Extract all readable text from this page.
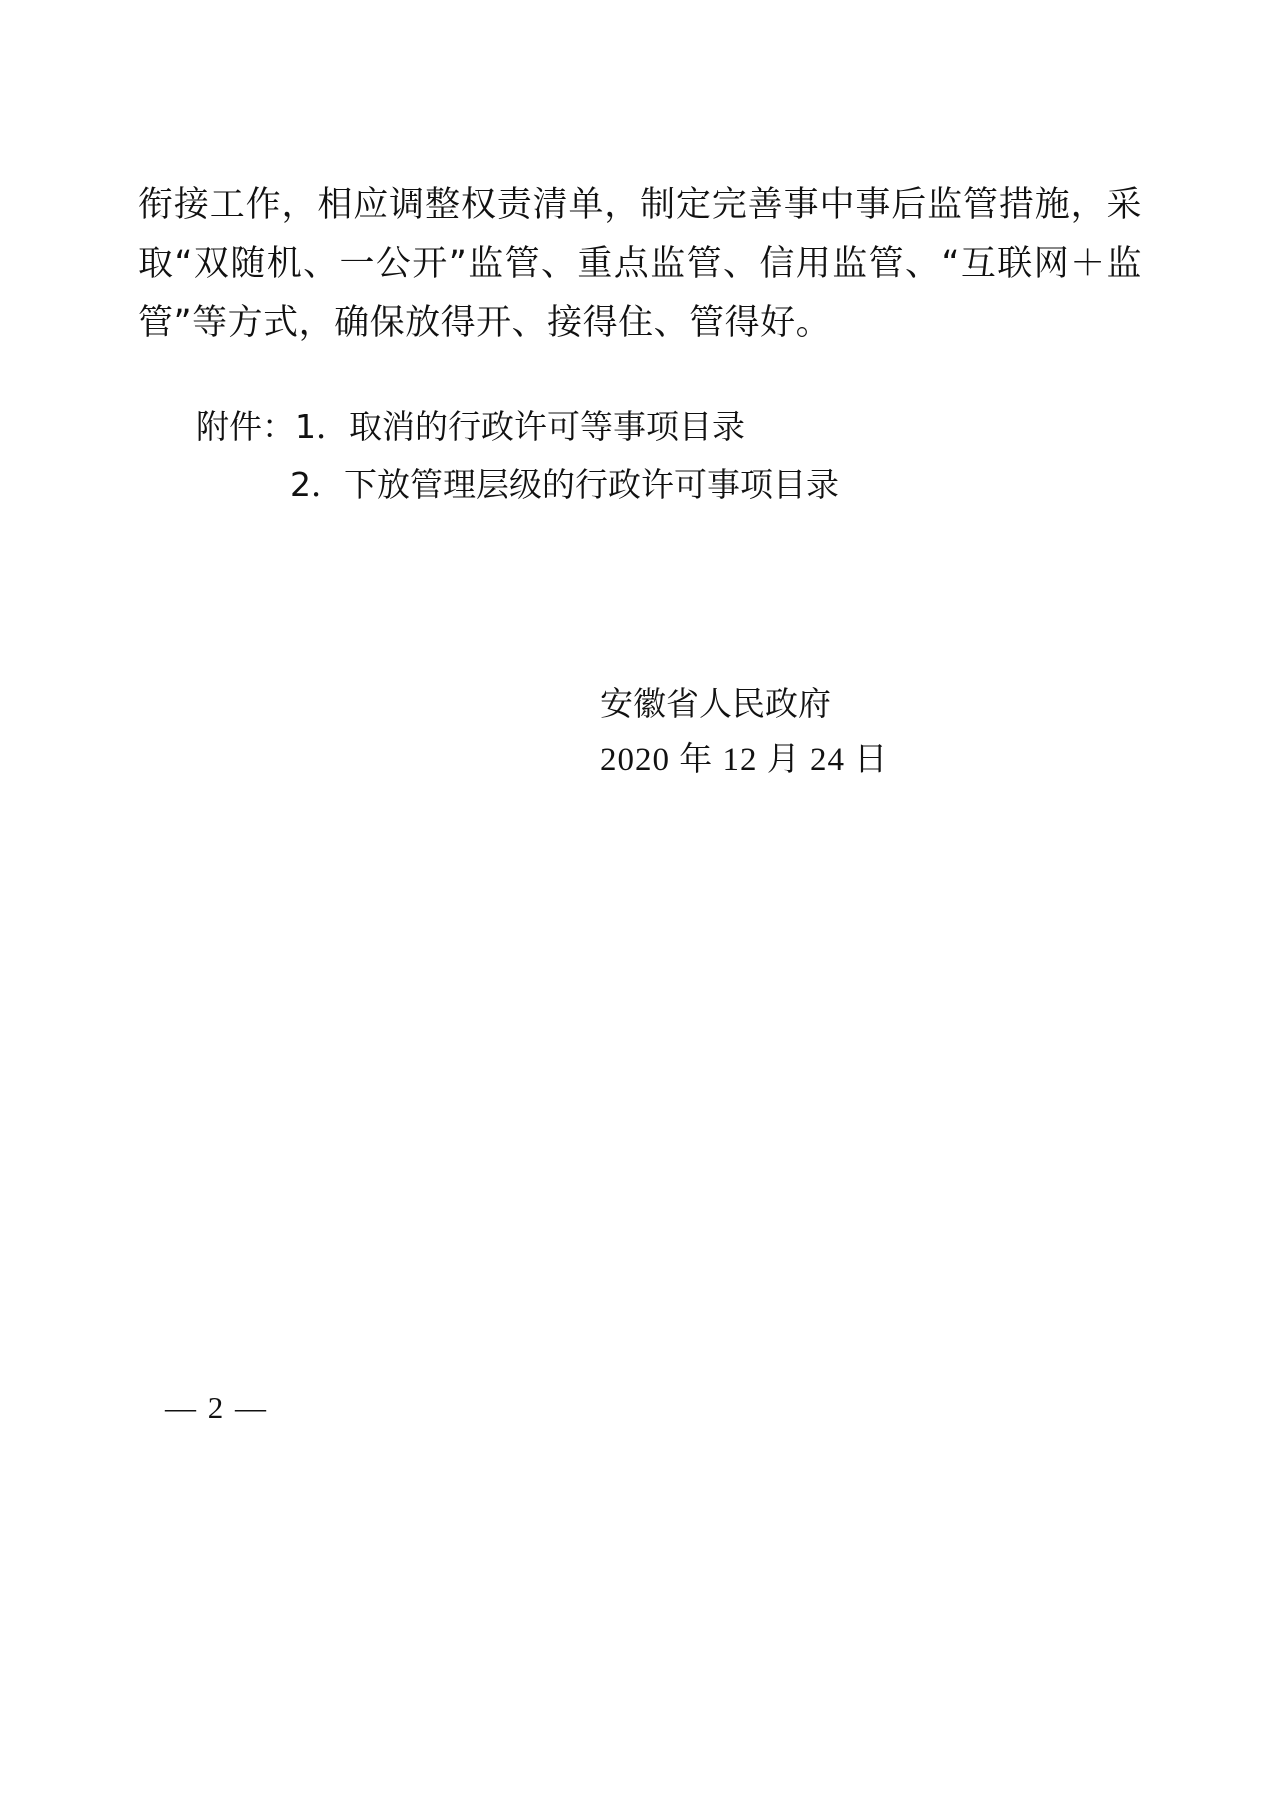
衔接工作，相应调整权责清单，制定完善事中事后监管措施，采取“双随机、一公开”监管、重点监管、信用监管、“互联网＋监管”等方式，确保放得开、接得住、管得好。

附件：1．取消的行政许可等事项目录

2．下放管理层级的行政许可事项目录

安徽省人民政府

2020 年 12 月 24 日

— 2 —
